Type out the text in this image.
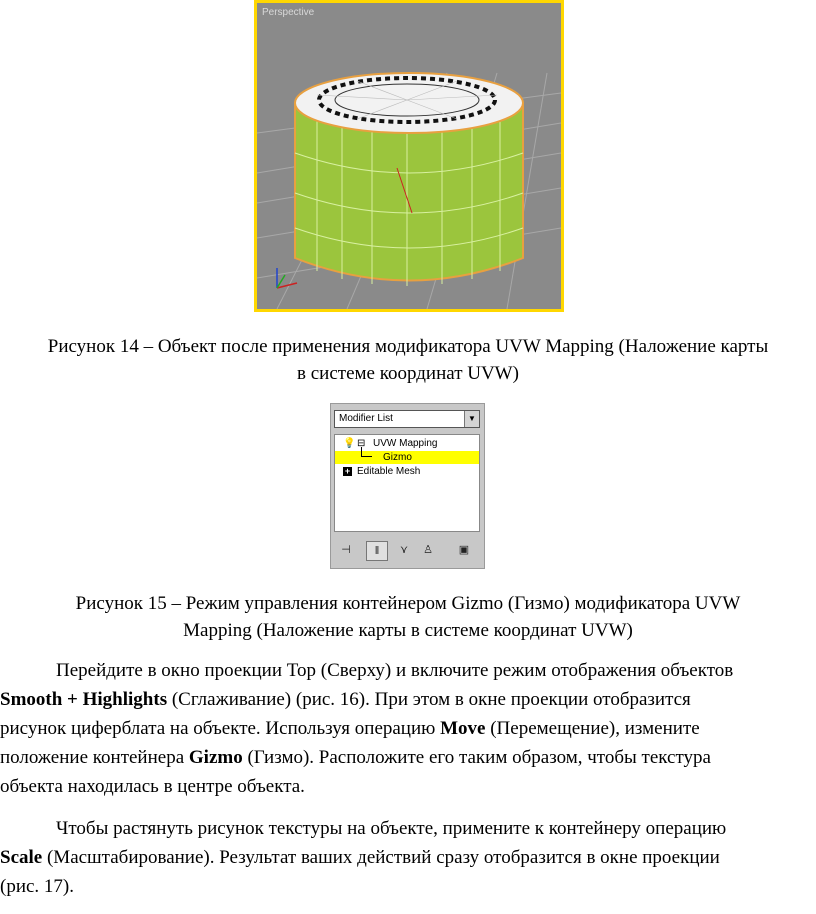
Perspective
Рисунок 14 – Объект после применения модификатора UVW Mapping (Наложение карты
в системе координат UVW)
Modifier List	▼
💡 ⊟ UVW Mapping
Gizmo
+ Editable Mesh
⊣	‖	⋎	♙	▣
Рисунок 15 – Режим управления контейнером Gizmo (Гизмо) модификатора UVW
Mapping (Наложение карты в системе координат UVW)
Перейдите в окно проекции Top (Сверху) и включите режим отображения объектов
Smooth + Highlights (Сглаживание) (рис. 16). При этом в окне проекции отобразится
рисунок циферблата на объекте. Используя операцию Move (Перемещение), измените
положение контейнера Gizmo (Гизмо). Расположите его таким образом, чтобы текстура
объекта находилась в центре объекта.
Чтобы растянуть рисунок текстуры на объекте, примените к контейнеру операцию
Scale (Масштабирование). Результат ваших действий сразу отобразится в окне проекции
(рис. 17).
